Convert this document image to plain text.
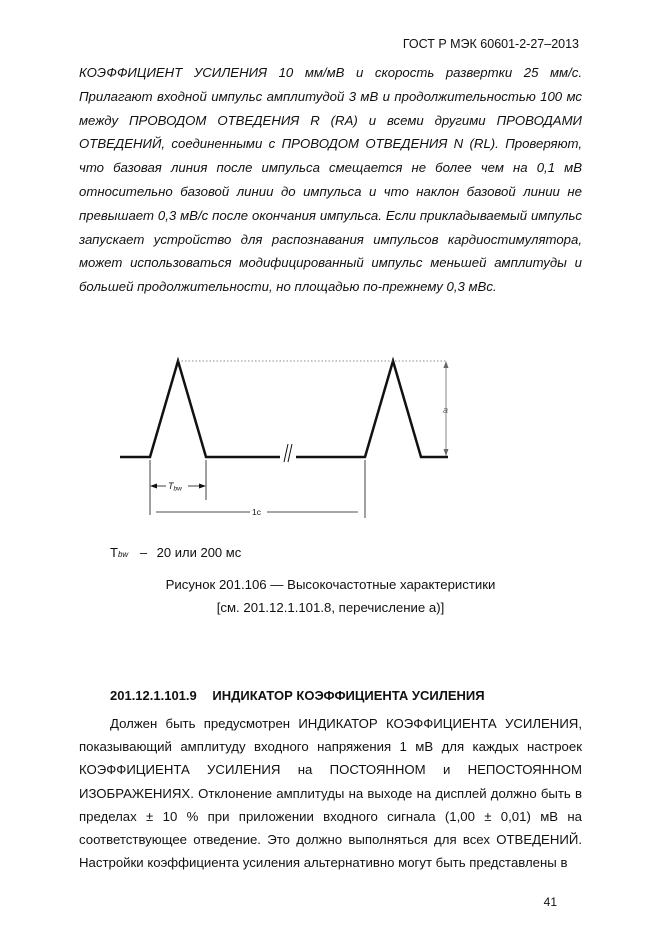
ГОСТ Р МЭК 60601-2-27–2013
КОЭФФИЦИЕНТ УСИЛЕНИЯ 10 мм/мВ и скорость развертки 25 мм/с. Прилагают входной импульс амплитудой 3 мВ и продолжительностью 100 мс между ПРОВОДОМ ОТВЕДЕНИЯ R (RA) и всеми другими ПРОВОДАМИ ОТВЕДЕНИЙ, соединенными с ПРОВОДОМ ОТВЕДЕНИЯ N (RL). Проверяют, что базовая линия после импульса смещается не более чем на 0,1 мВ относительно базовой линии до импульса и что наклон базовой линии не превышает 0,3 мВ/с после окончания импульса. Если прикладываемый импульс запускает устройство для распознавания импульсов кардиостимулятора, может использоваться модифицированный импульс меньшей амплитуды и большей продолжительности, но площадью по-прежнему 0,3 мВс.
a
Tbw
1c
Tbw – 20 или 200 мс
Рисунок 201.106 — Высокочастотные характеристики
[см. 201.12.1.101.8, перечисление а)]
201.12.1.101.9 ИНДИКАТОР КОЭФФИЦИЕНТА УСИЛЕНИЯ
Должен быть предусмотрен ИНДИКАТОР КОЭФФИЦИЕНТА УСИЛЕНИЯ, показывающий амплитуду входного напряжения 1 мВ для каждых настроек КОЭФФИЦИЕНТА УСИЛЕНИЯ на ПОСТОЯННОМ и НЕПОСТОЯННОМ ИЗОБРАЖЕНИЯХ. Отклонение амплитуды на выходе на дисплей должно быть в пределах ± 10 % при приложении входного сигнала (1,00 ± 0,01) мВ на соответствующее отведение. Это должно выполняться для всех ОТВЕДЕНИЙ. Настройки коэффициента усиления альтернативно могут быть представлены в
41
